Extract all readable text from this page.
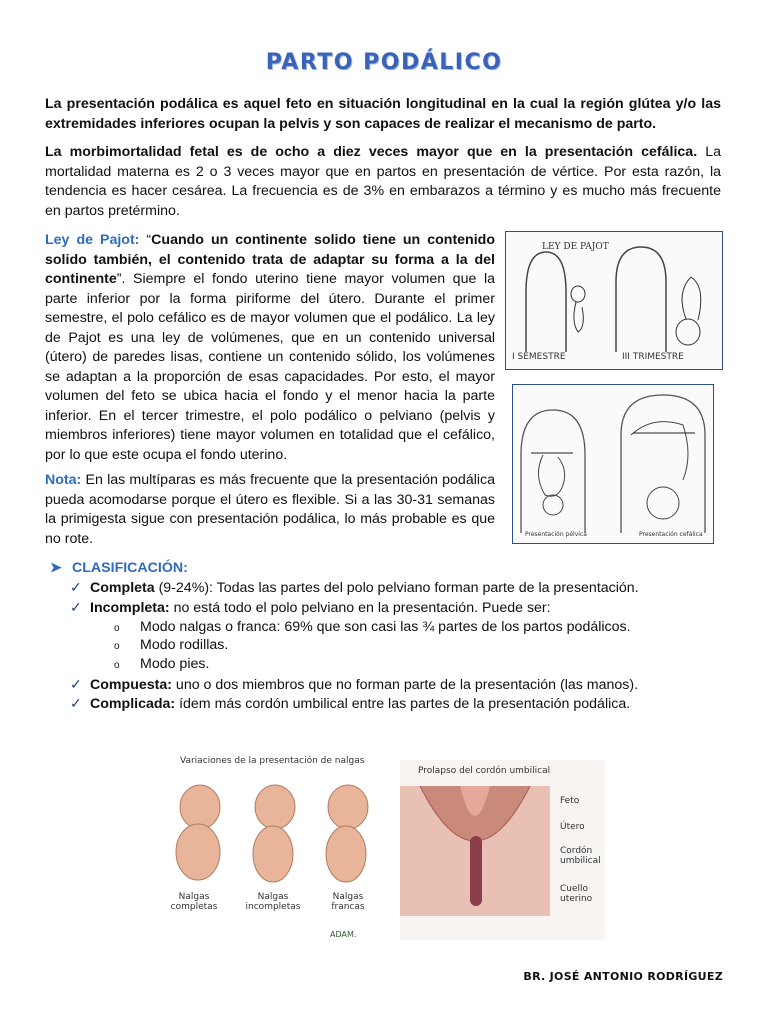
PARTO PODÁLICO
La presentación podálica es aquel feto en situación longitudinal en la cual la región glútea y/o las extremidades inferiores ocupan la pelvis y son capaces de realizar el mecanismo de parto.
La morbimortalidad fetal es de ocho a diez veces mayor que en la presentación cefálica. La mortalidad materna es 2 o 3 veces mayor que en partos en presentación de vértice. Por esta razón, la tendencia es hacer cesárea. La frecuencia es de 3% en embarazos a término y es mucho más frecuente en partos pretérmino.
Ley de Pajot: “Cuando un continente solido tiene un contenido solido también, el contenido trata de adaptar su forma a la del continente”. Siempre el fondo uterino tiene mayor volumen que la parte inferior por la forma piriforme del útero. Durante el primer semestre, el polo cefálico es de mayor volumen que el podálico. La ley de Pajot es una ley de volúmenes, que en un contenido universal (útero) de paredes lisas, contiene un contenido sólido, los volúmenes se adaptan a la proporción de esas capacidades. Por esto, el mayor volumen del feto se ubica hacia el fondo y el menor hacia la parte inferior. En el tercer trimestre, el polo podálico o pelviano (pelvis y miembros inferiores) tiene mayor volumen en totalidad que el cefálico, por lo que este ocupa el fondo uterino.
Nota: En las multíparas es más frecuente que la presentación podálica pueda acomodarse porque el útero es flexible. Si a las 30-31 semanas la primigesta sigue con presentación podálica, lo más probable es que no rote.
LEY DE PAJOT
I SEMESTRE	III TRIMESTRE
Presentación pélvica	Presentación cefálica
➤ CLASIFICACIÓN:
✓ Completa (9-24%): Todas las partes del polo pelviano forman parte de la presentación.
✓ Incompleta: no está todo el polo pelviano en la presentación. Puede ser:
o Modo nalgas o franca: 69% que son casi las ¾ partes de los partos podálicos.
o Modo rodillas.
o Modo pies.
✓ Compuesta: uno o dos miembros que no forman parte de la presentación (las manos).
✓ Complicada: ídem más cordón umbilical entre las partes de la presentación podálica.
Variaciones de la presentación de nalgas
Nalgas completas
Nalgas incompletas
Nalgas francas
ADAM.
Prolapso del cordón umbilical
Feto
Útero
Cordón umbilical
Cuello uterino
BR. JOSÉ ANTONIO RODRÍGUEZ
